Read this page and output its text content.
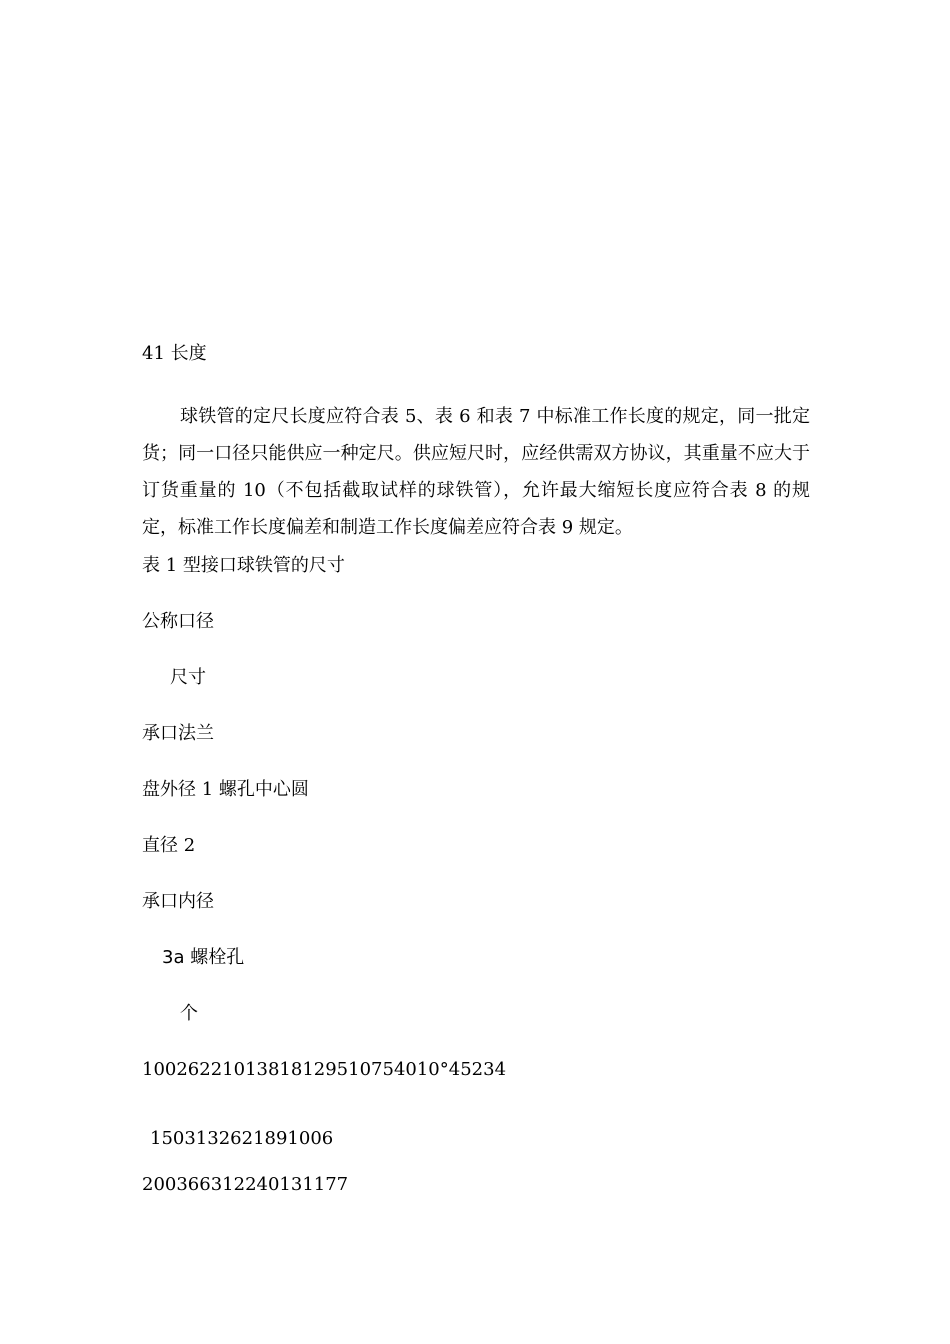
41 长度

球铁管的定尺长度应符合表 5、表 6 和表 7 中标准工作长度的规定，同一批定货；同一口径只能供应一种定尺。供应短尺时，应经供需双方协议，其重量不应大于订货重量的 10（不包括截取试样的球铁管），允许最大缩短长度应符合表 8 的规定，标准工作长度偏差和制造工作长度偏差应符合表 9 规定。

表 1 型接口球铁管的尺寸

公称口径

尺寸

承口法兰

盘外径 1 螺孔中心圆

直径 2

承口内径

3a 螺栓孔

个

10026221013818129510754010°45234

1503132621891006

200366312240131177
